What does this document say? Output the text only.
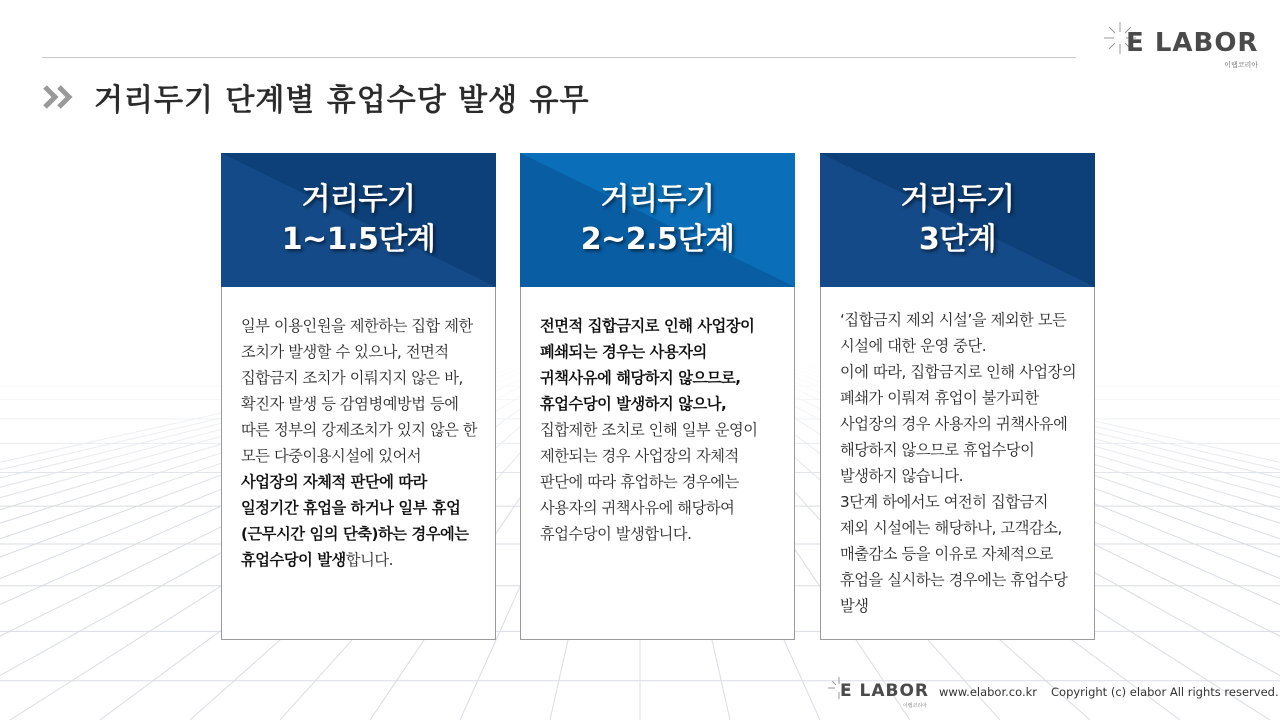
E LABOR
이랩코리아
거리두기 단계별 휴업수당 발생 유무
거리두기
1~1.5단계

일부 이용인원을 제한하는 집합 제한 조치가 발생할 수 있으나, 전면적 집합금지 조치가 이뤄지지 않은 바, 확진자 발생 등 감염병예방법 등에 따른 정부의 강제조치가 있지 않은 한 모든 다중이용시설에 있어서 사업장의 자체적 판단에 따라 일정기간 휴업을 하거나 일부 휴업(근무시간 임의 단축)하는 경우에는 휴업수당이 발생합니다.

거리두기
2~2.5단계

전면적 집합금지로 인해 사업장이 폐쇄되는 경우는 사용자의 귀책사유에 해당하지 않으므로, 휴업수당이 발생하지 않으나,
집합제한 조치로 인해 일부 운영이 제한되는 경우 사업장의 자체적 판단에 따라 휴업하는 경우에는 사용자의 귀책사유에 해당하여 휴업수당이 발생합니다.

거리두기
3단계

‘집합금지 제외 시설’을 제외한 모든 시설에 대한 운영 중단.
이에 따라, 집합금지로 인해 사업장의 폐쇄가 이뤄져 휴업이 불가피한 사업장의 경우 사용자의 귀책사유에 해당하지 않으므로 휴업수당이 발생하지 않습니다.
3단계 하에서도 여전히 집합금지 제외 시설에는 해당하나, 고객감소, 매출감소 등을 이유로 자체적으로 휴업을 실시하는 경우에는 휴업수당 발생

E LABOR
이랩코리아
www.elabor.co.kr Copyright (c) elabor All rights reserved.
